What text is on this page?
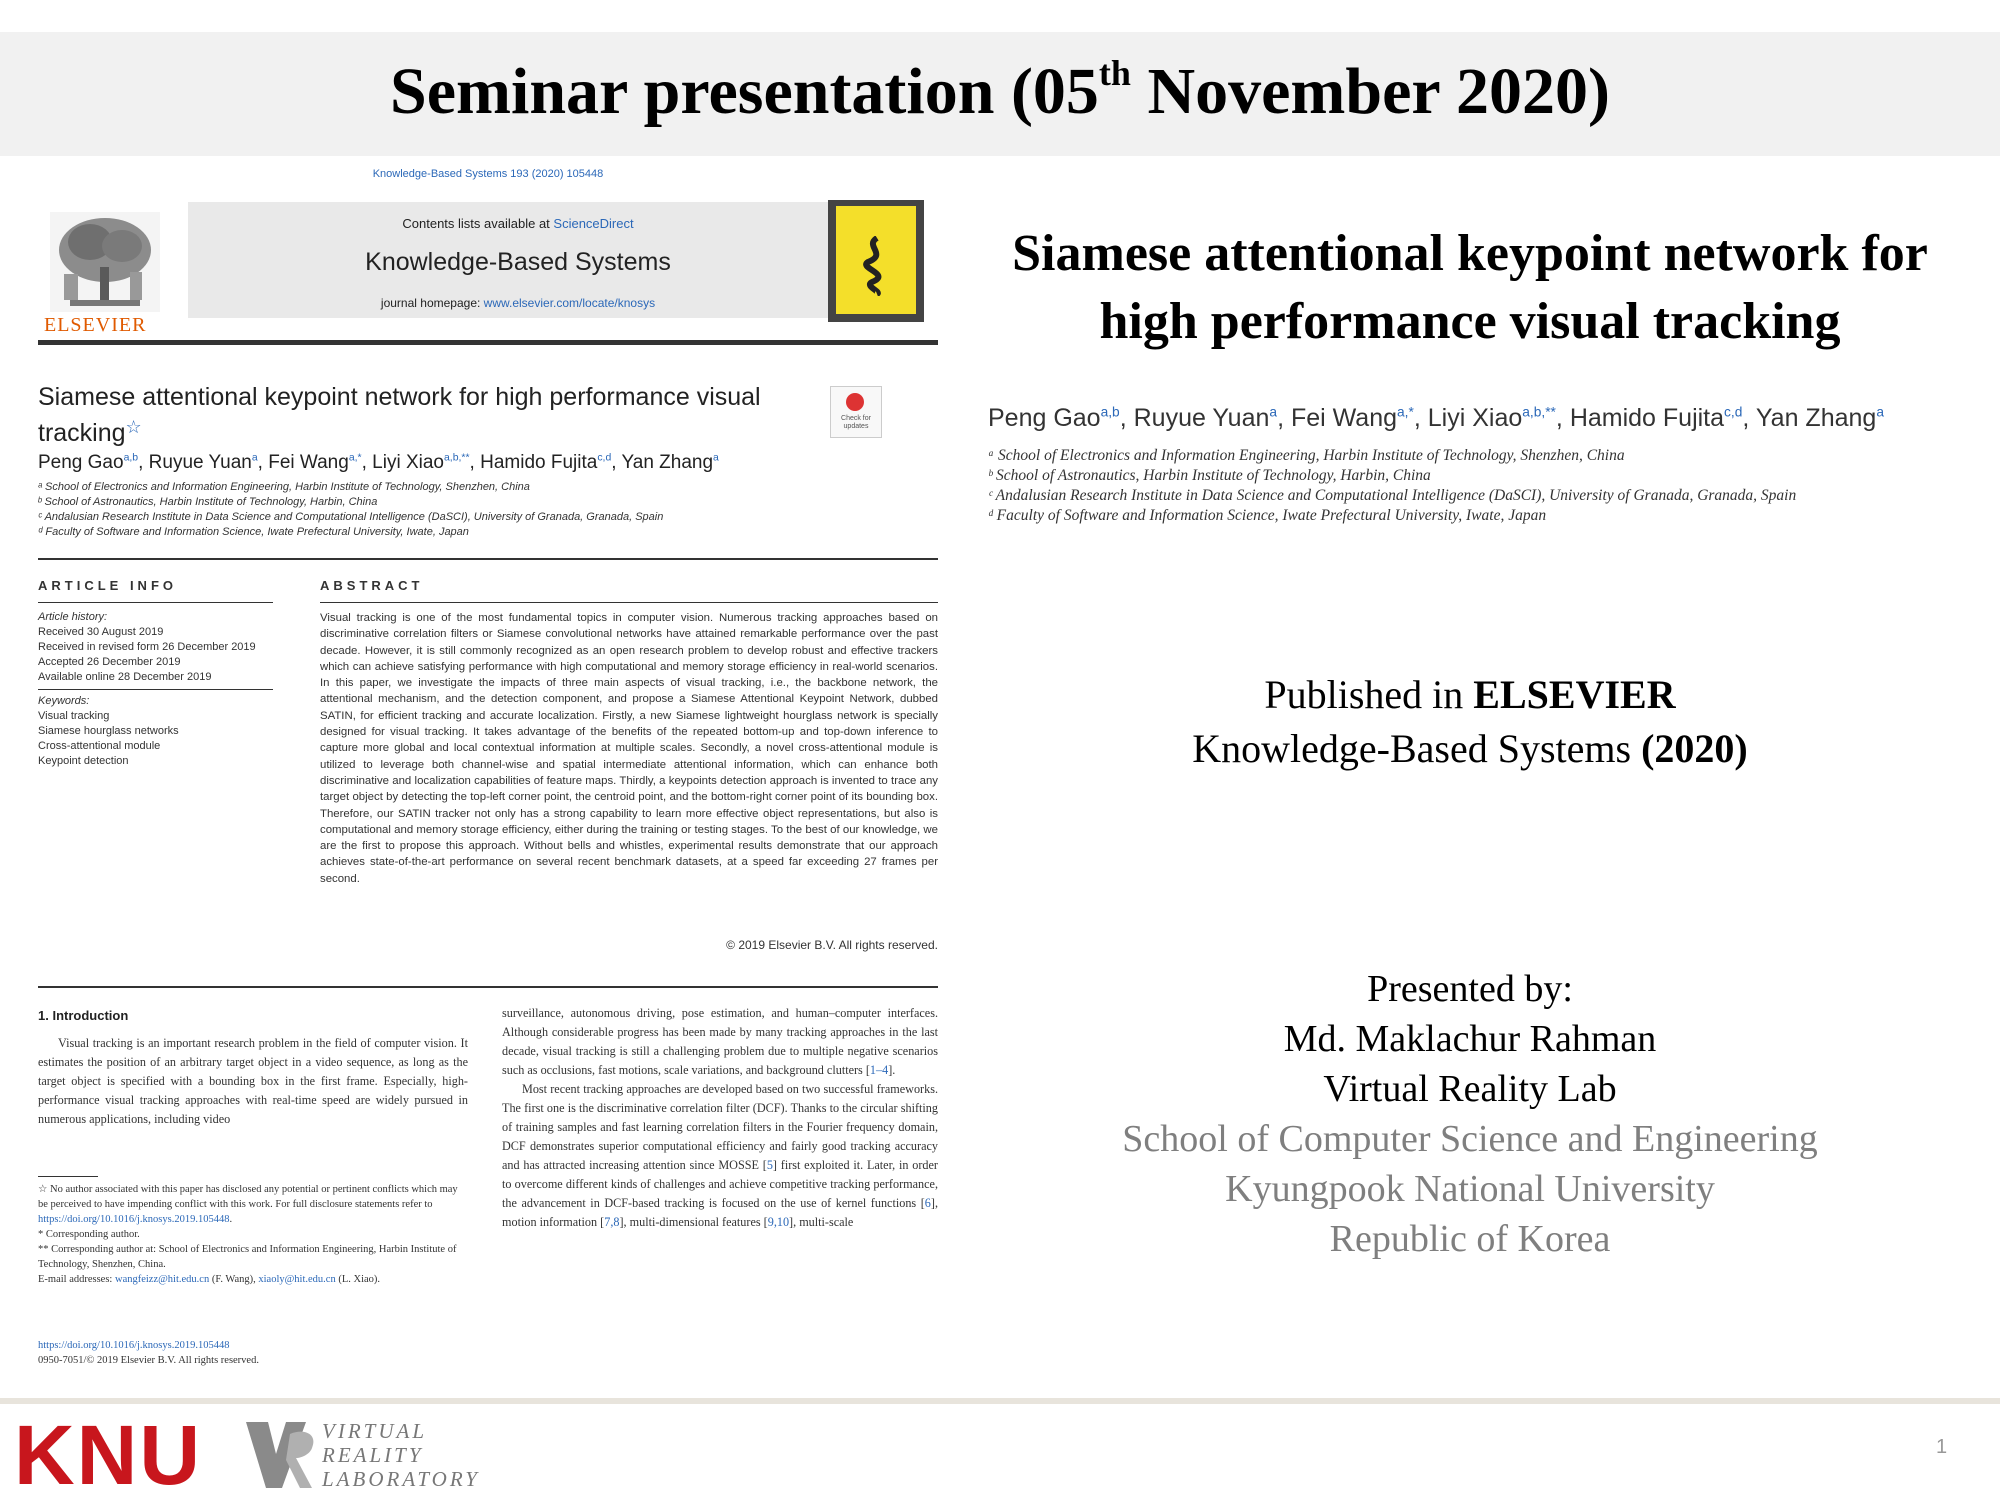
Seminar presentation (05th November 2020)
Knowledge-Based Systems 193 (2020) 105448
ELSEVIER
Contents lists available at ScienceDirect
Knowledge-Based Systems
journal homepage: www.elsevier.com/locate/knosys
Siamese attentional keypoint network for high performance visual tracking☆	Check for updates
Peng Gao$^{a,b}$, Ruyue Yuan$^a$, Fei Wang$^{a,*}$, Liyi Xiao$^{a,b,**}$, Hamido Fujita$^{c,d}$, Yan Zhang$^a$
ᵃ School of Electronics and Information Engineering, Harbin Institute of Technology, Shenzhen, China
ᵇ School of Astronautics, Harbin Institute of Technology, Harbin, China
ᶜ Andalusian Research Institute in Data Science and Computational Intelligence (DaSCI), University of Granada, Granada, Spain
ᵈ Faculty of Software and Information Science, Iwate Prefectural University, Iwate, Japan
ARTICLE INFO	ABSTRACT
Article history:
Received 30 August 2019
Received in revised form 26 December 2019
Accepted 26 December 2019
Available online 28 December 2019
Keywords:
Visual tracking
Siamese hourglass networks
Cross-attentional module
Keypoint detection
Visual tracking is one of the most fundamental topics in computer vision. Numerous tracking approaches based on discriminative correlation filters or Siamese convolutional networks have attained remarkable performance over the past decade. However, it is still commonly recognized as an open research problem to develop robust and effective trackers which can achieve satisfying performance with high computational and memory storage efficiency in real-world scenarios. In this paper, we investigate the impacts of three main aspects of visual tracking, i.e., the backbone network, the attentional mechanism, and the detection component, and propose a Siamese Attentional Keypoint Network, dubbed SATIN, for efficient tracking and accurate localization. Firstly, a new Siamese lightweight hourglass network is specially designed for visual tracking. It takes advantage of the benefits of the repeated bottom-up and top-down inference to capture more global and local contextual information at multiple scales. Secondly, a novel cross-attentional module is utilized to leverage both channel-wise and spatial intermediate attentional information, which can enhance both discriminative and localization capabilities of feature maps. Thirdly, a keypoints detection approach is invented to trace any target object by detecting the top-left corner point, the centroid point, and the bottom-right corner point of its bounding box. Therefore, our SATIN tracker not only has a strong capability to learn more effective object representations, but also is computational and memory storage efficiency, either during the training or testing stages. To the best of our knowledge, we are the first to propose this approach. Without bells and whistles, experimental results demonstrate that our approach achieves state-of-the-art performance on several recent benchmark datasets, at a speed far exceeding 27 frames per second.
© 2019 Elsevier B.V. All rights reserved.
1. Introduction
Visual tracking is an important research problem in the field of computer vision. It estimates the position of an arbitrary target object in a video sequence, as long as the target object is specified with a bounding box in the first frame. Especially, high-performance visual tracking approaches with real-time speed are widely pursued in numerous applications, including video
surveillance, autonomous driving, pose estimation, and human–computer interfaces. Although considerable progress has been made by many tracking approaches in the last decade, visual tracking is still a challenging problem due to multiple negative scenarios such as occlusions, fast motions, scale variations, and background clutters [1–4].
Most recent tracking approaches are developed based on two successful frameworks. The first one is the discriminative correlation filter (DCF). Thanks to the circular shifting of training samples and fast learning correlation filters in the Fourier frequency domain, DCF demonstrates superior computational efficiency and fairly good tracking accuracy and has attracted increasing attention since MOSSE [5] first exploited it. Later, in order to overcome different kinds of challenges and achieve competitive tracking performance, the advancement in DCF-based tracking is focused on the use of kernel functions [6], motion information [7,8], multi-dimensional features [9,10], multi-scale
☆ No author associated with this paper has disclosed any potential or pertinent conflicts which may be perceived to have impending conflict with this work. For full disclosure statements refer to https://doi.org/10.1016/j.knosys.2019.105448.
* Corresponding author.
** Corresponding author at: School of Electronics and Information Engineering, Harbin Institute of Technology, Shenzhen, China.
E-mail addresses: wangfeizz@hit.edu.cn (F. Wang), xiaoly@hit.edu.cn (L. Xiao).
https://doi.org/10.1016/j.knosys.2019.105448
0950-7051/© 2019 Elsevier B.V. All rights reserved.
Siamese attentional keypoint network for
high performance visual tracking
Peng Gao$^{a,b}$, Ruyue Yuan$^a$, Fei Wang$^{a,*}$, Liyi Xiao$^{a,b,**}$, Hamido Fujita$^{c,d}$, Yan Zhang$^a$
ᵃ School of Electronics and Information Engineering, Harbin Institute of Technology, Shenzhen, China
ᵇ School of Astronautics, Harbin Institute of Technology, Harbin, China
ᶜ Andalusian Research Institute in Data Science and Computational Intelligence (DaSCI), University of Granada, Granada, Spain
ᵈ Faculty of Software and Information Science, Iwate Prefectural University, Iwate, Japan
Published in ELSEVIER
Knowledge-Based Systems (2020)
Presented by:
Md. Maklachur Rahman
Virtual Reality Lab
School of Computer Science and Engineering
Kyungpook National University
Republic of Korea
KNU	VIRTUAL
REALITY
LABORATORY
1
